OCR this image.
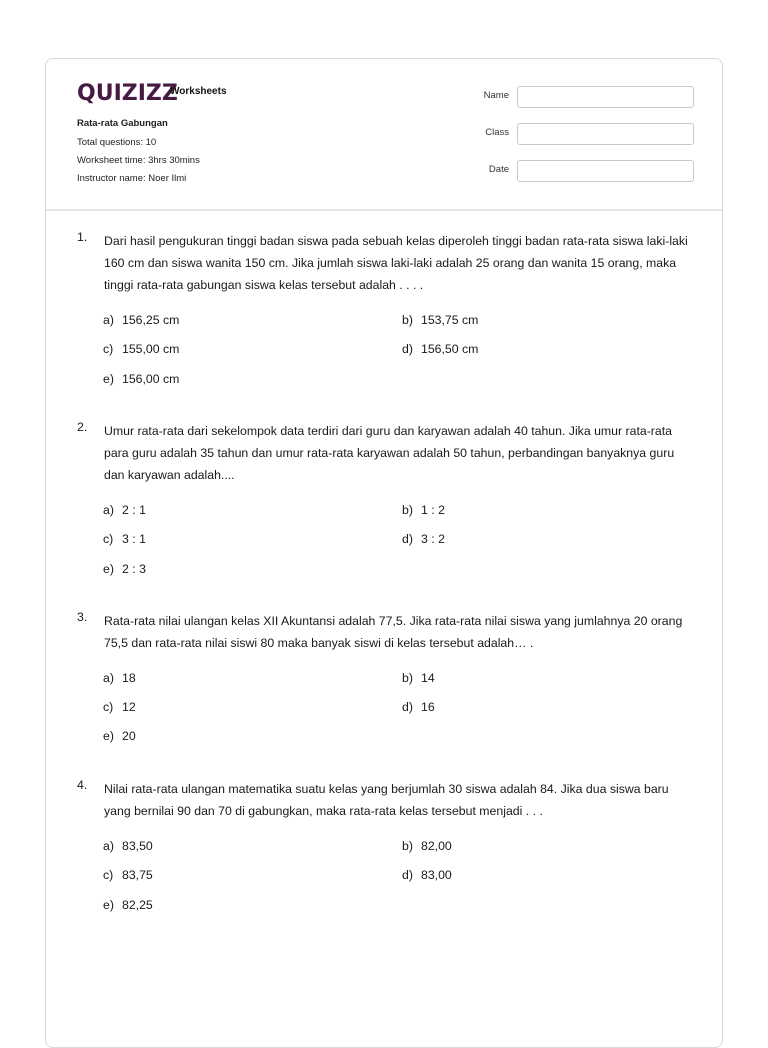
QUIZIZZ
Worksheets
Rata-rata Gabungan
Total questions: 10
Worksheet time: 3hrs 30mins
Instructor name: Noer Ilmi
Name
Class
Date
1. Dari hasil pengukuran tinggi badan siswa pada sebuah kelas diperoleh tinggi badan rata-rata siswa laki-laki 160 cm dan siswa wanita 150 cm. Jika jumlah siswa laki-laki adalah 25 orang dan wanita 15 orang, maka tinggi rata-rata gabungan siswa kelas tersebut adalah . . . .
a) 156,25 cm	b) 153,75 cm
c) 155,00 cm	d) 156,50 cm
e) 156,00 cm
2. Umur rata-rata dari sekelompok data terdiri dari guru dan karyawan adalah 40 tahun. Jika umur rata-rata para guru adalah 35 tahun dan umur rata-rata karyawan adalah 50 tahun, perbandingan banyaknya guru dan karyawan adalah....
a) 2 : 1	b) 1 : 2
c) 3 : 1	d) 3 : 2
e) 2 : 3
3. Rata-rata nilai ulangan kelas XII Akuntansi adalah 77,5. Jika rata-rata nilai siswa yang jumlahnya 20 orang 75,5 dan rata-rata nilai siswi 80 maka banyak siswi di kelas tersebut adalah… .
a) 18	b) 14
c) 12	d) 16
e) 20
4. Nilai rata-rata ulangan matematika suatu kelas yang berjumlah 30 siswa adalah 84. Jika dua siswa baru yang bernilai 90 dan 70 di gabungkan, maka rata-rata kelas tersebut menjadi . . .
a) 83,50	b) 82,00
c) 83,75	d) 83,00
e) 82,25
